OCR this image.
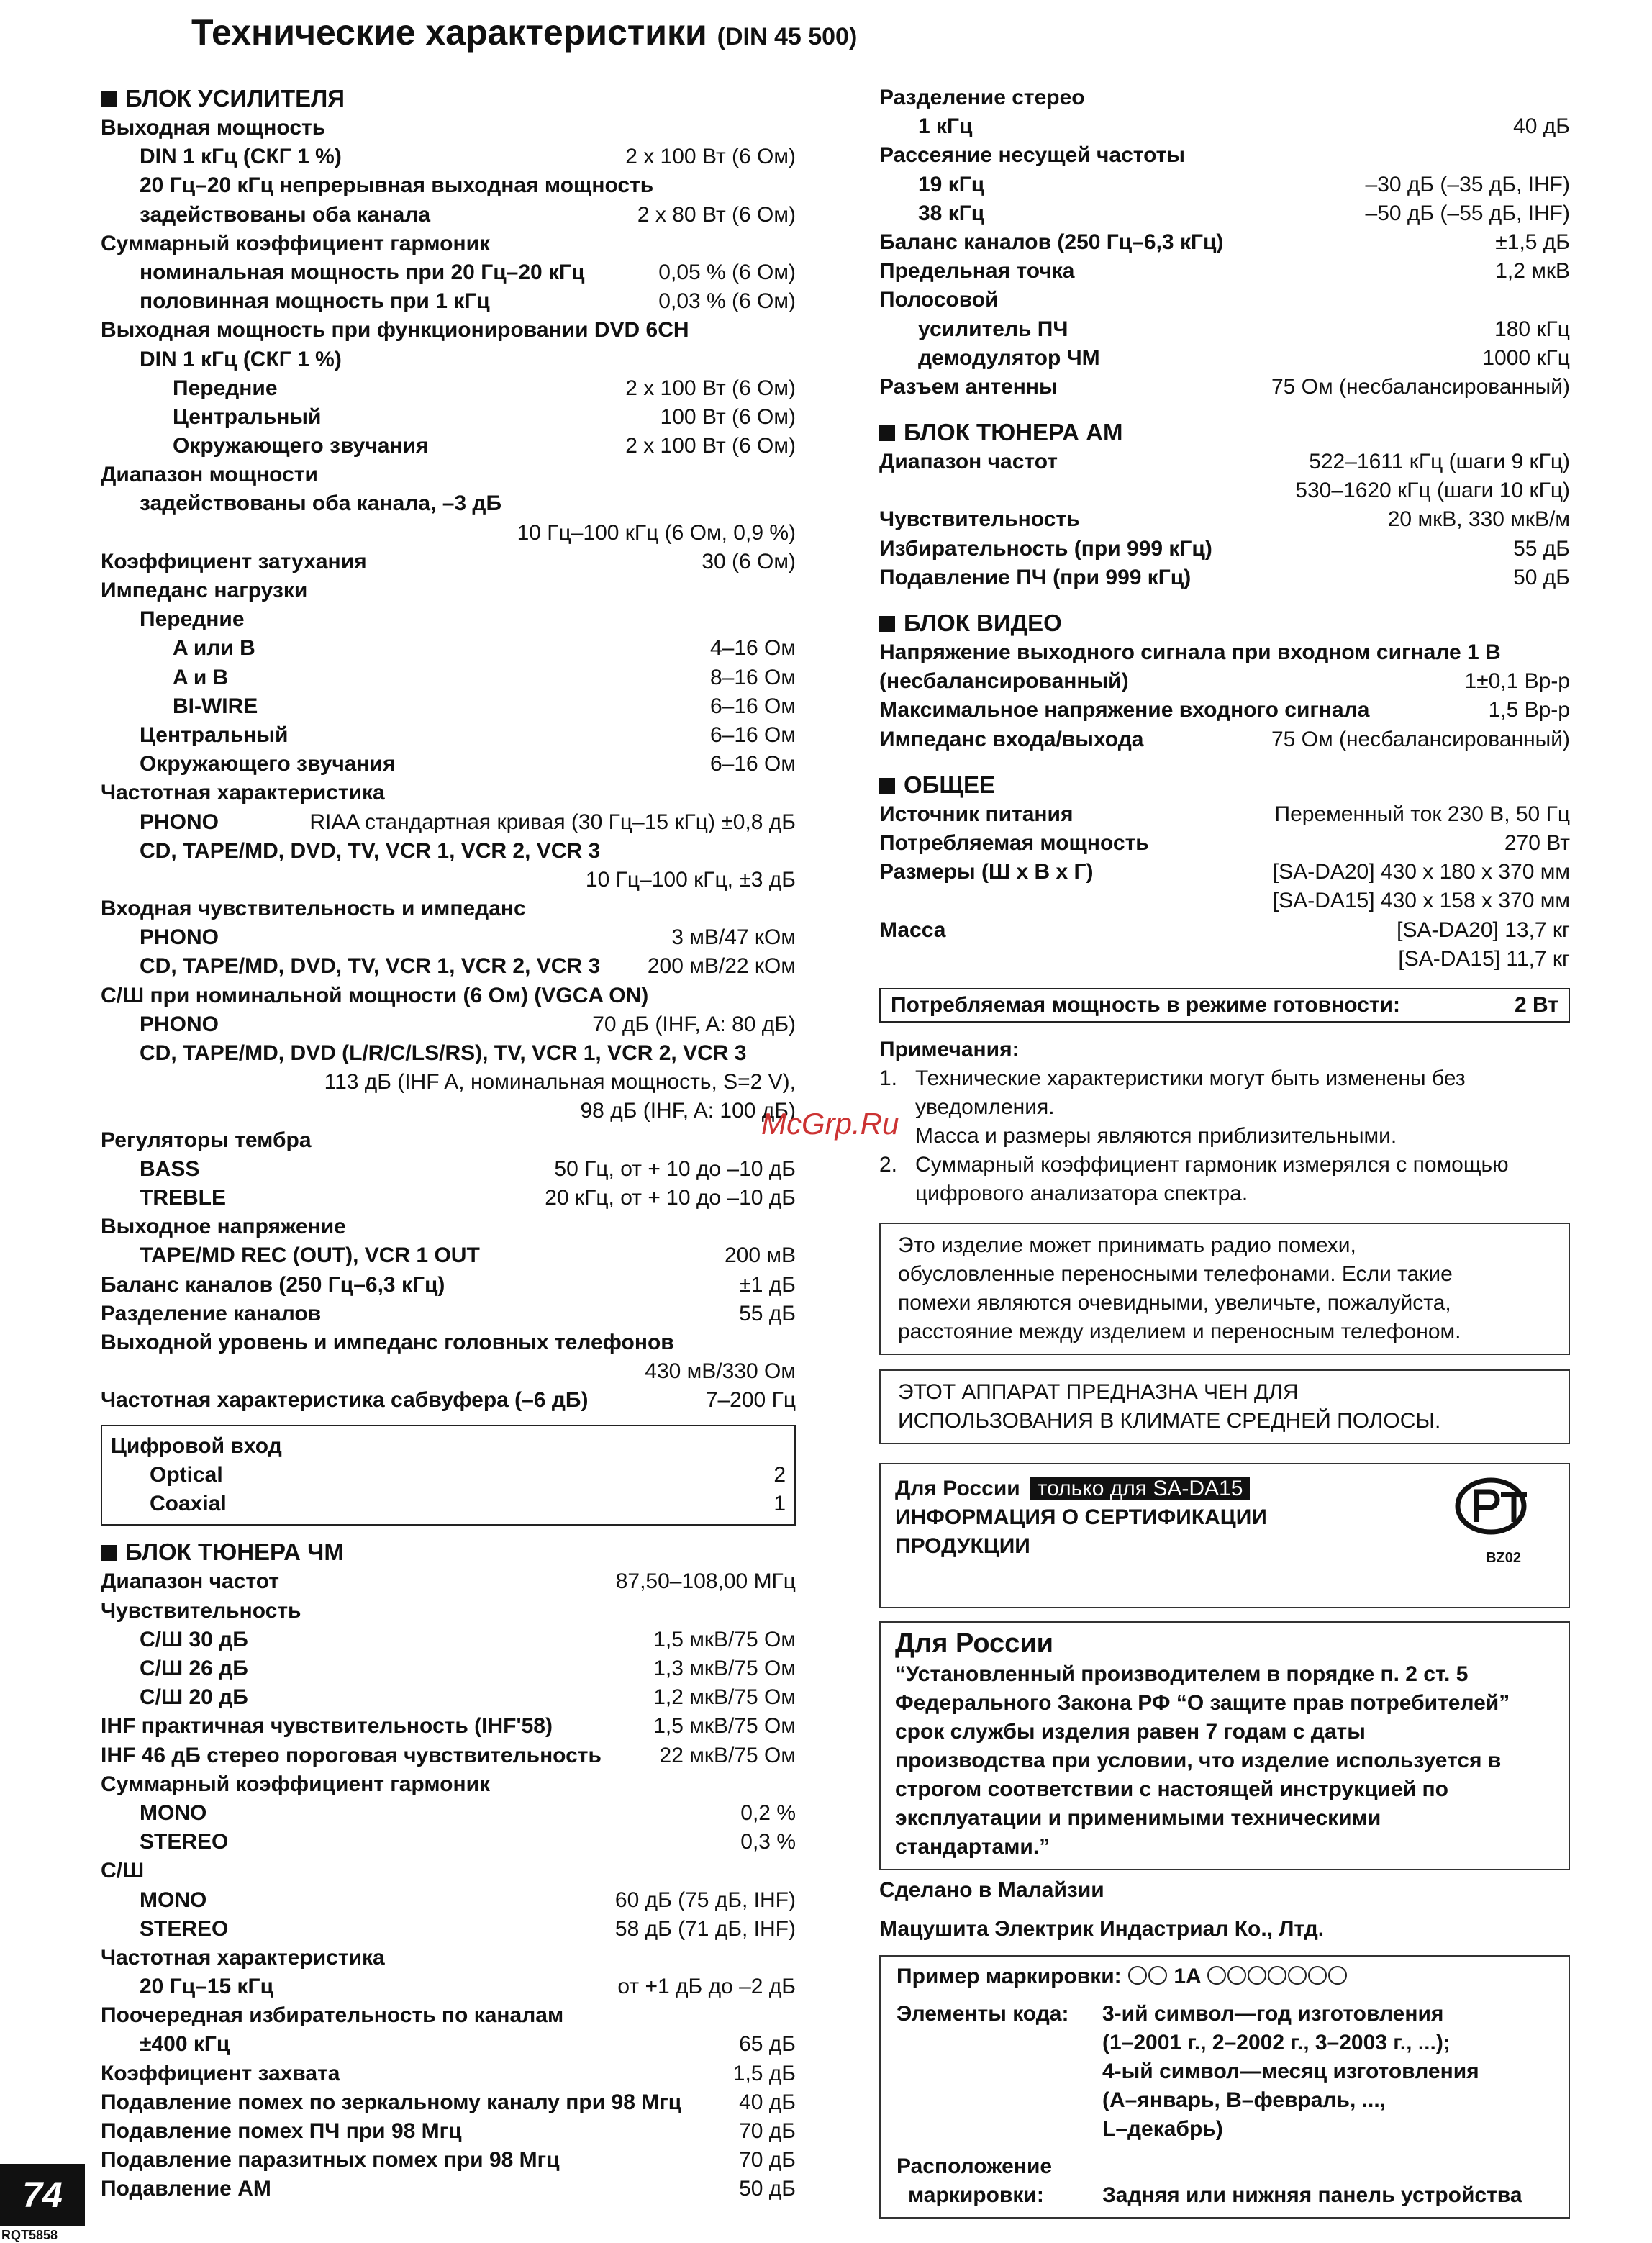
Технические характеристики (DIN 45 500)
БЛОК УСИЛИТЕЛЯ
Выходная мощность
DIN 1 кГц (СКГ 1 %)	2 х 100 Вт (6 Ом)
20 Гц–20 кГц непрерывная выходная мощность
задействованы оба канала	2 х 80 Вт (6 Ом)
Суммарный коэффициент гармоник
номинальная мощность при 20 Гц–20 кГц	0,05 % (6 Ом)
половинная мощность при 1 кГц	0,03 % (6 Ом)
Выходная мощность при функционировании DVD 6CH
DIN 1 кГц (СКГ 1 %)
Передние	2 х 100 Вт (6 Ом)
Центральный	100 Вт (6 Ом)
Окружающего звучания	2 х 100 Вт (6 Ом)
Диапазон мощности
задействованы оба канала, –3 дБ
10 Гц–100 кГц (6 Ом, 0,9 %)
Коэффициент затухания	30 (6 Ом)
Импеданс нагрузки
Передние
A или B	4–16 Ом
A и B	8–16 Ом
BI-WIRE	6–16 Ом
Центральный	6–16 Ом
Окружающего звучания	6–16 Ом
Частотная характеристика
PHONO	RIAA стандартная кривая (30 Гц–15 кГц) ±0,8 дБ
CD, TAPE/MD, DVD, TV, VCR 1, VCR 2, VCR 3
10 Гц–100 кГц, ±3 дБ
Входная чувствительность и импеданс
PHONO	3 мВ/47 кОм
CD, TAPE/MD, DVD, TV, VCR 1, VCR 2, VCR 3 200 мВ/22 кОм
С/Ш при номинальной мощности (6 Ом) (VGCA ON)
PHONO	70 дБ (IHF, A: 80 дБ)
CD, TAPE/MD, DVD (L/R/C/LS/RS), TV, VCR 1, VCR 2, VCR 3
113 дБ (IHF A, номинальная мощность, S=2 V),
98 дБ (IHF, A: 100 дБ)
Регуляторы тембра
BASS	50 Гц, от + 10 до –10 дБ
TREBLE	20 кГц, от + 10 до –10 дБ
Выходное напряжение
TAPE/MD REC (OUT), VCR 1 OUT	200 мВ
Баланс каналов (250 Гц–6,3 кГц)	±1 дБ
Разделение каналов	55 дБ
Выходной уровень и импеданс головных телефонов
430 мВ/330 Ом
Частотная характеристика сабвуфера (–6 дБ)	7–200 Гц
Цифровой вход
Optical	2
Coaxial	1
БЛОК ТЮНЕРА ЧМ
Диапазон частот	87,50–108,00 МГц
Чувствительность
С/Ш 30 дБ	1,5 мкВ/75 Ом
С/Ш 26 дБ	1,3 мкВ/75 Ом
С/Ш 20 дБ	1,2 мкВ/75 Ом
IHF практичная чувствительность (IHF'58)	1,5 мкВ/75 Ом
IHF 46 дБ стерео пороговая чувствительность	22 мкВ/75 Ом
Суммарный коэффициент гармоник
MONO	0,2 %
STEREO	0,3 %
С/Ш
MONO	60 дБ (75 дБ, IHF)
STEREO	58 дБ (71 дБ, IHF)
Частотная характеристика
20 Гц–15 кГц	от +1 дБ до –2 дБ
Поочередная избирательность по каналам
±400 кГц	65 дБ
Коэффициент захвата	1,5 дБ
Подавление помех по зеркальному каналу при 98 Мгц	40 дБ
Подавление помех ПЧ при 98 Мгц	70 дБ
Подавление паразитных помех при 98 Мгц	70 дБ
Подавление AM	50 дБ
Разделение стерео
1 кГц	40 дБ
Рассеяние несущей частоты
19 кГц	–30 дБ (–35 дБ, IHF)
38 кГц	–50 дБ (–55 дБ, IHF)
Баланс каналов (250 Гц–6,3 кГц)	±1,5 дБ
Предельная точка	1,2 мкВ
Полосовой
усилитель ПЧ	180 кГц
демодулятор ЧМ	1000 кГц
Разъем антенны	75 Ом (несбалансированный)
БЛОК ТЮНЕРА AM
Диапазон частот	522–1611 кГц (шаги 9 кГц)
530–1620 кГц (шаги 10 кГц)
Чувствительность	20 мкВ, 330 мкВ/м
Избирательность (при 999 кГц)	55 дБ
Подавление ПЧ (при 999 кГц)	50 дБ
БЛОК ВИДЕО
Напряжение выходного сигнала при входном сигнале 1 В
(несбалансированный)	1±0,1 Вр-р
Максимальное напряжение входного сигнала	1,5 Вр-р
Импеданс входа/выхода	75 Ом (несбалансированный)
ОБЩЕЕ
Источник питания	Переменный ток 230 В, 50 Гц
Потребляемая мощность	270 Вт
Размеры (Ш х В х Г)	[SA-DA20] 430 х 180 х 370 мм
[SA-DA15] 430 х 158 х 370 мм
Масса	[SA-DA20] 13,7 кг
[SA-DA15] 11,7 кг
Потребляемая мощность в режиме готовности:	2 Вт
Примечания:
1. Технические характеристики могут быть изменены без
уведомления.
Масса и размеры являются приблизительными.
2. Суммарный коэффициент гармоник измерялся с помощью
цифрового анализатора спектра.
Это изделие может принимать радио помехи,
обусловленные переносными телефонами. Если такие
помехи являются очевидными, увеличьте, пожалуйста,
расстояние между изделием и переносным телефоном.
ЭТОТ АППАРАТ ПРЕДНАЗНА ЧЕН ДЛЯ
ИСПОЛЬЗОВАНИЯ В КЛИМАТЕ СРЕДНЕЙ ПОЛОСЫ.
Для России только для SA-DA15
ИНФОРМАЦИЯ О СЕРТИФИКАЦИИ
ПРОДУКЦИИ	BZ02
Для России
“Установленный производителем в порядке п. 2 ст. 5
Федерального Закона РФ “О защите прав потребителей”
срок службы изделия равен 7 годам с даты
производства при условии, что изделие используется в
строгом соответствии с настоящей инструкцией по
эксплуатации и применимыми техническими
стандартами.”
Сделано в Малайзии
Мацушита Электрик Индастриал Ко., Лтд.
Пример маркировки: 1A
Элементы кода:	3-ий символ—год изготовления
(1–2001 г., 2–2002 г., 3–2003 г., ...);
4-ый символ—месяц изготовления
(A–январь, B–февраль, ...,
L–декабрь)
Расположение
маркировки:	Задняя или нижняя панель устройства
McGrp.Ru
74
RQT5858
